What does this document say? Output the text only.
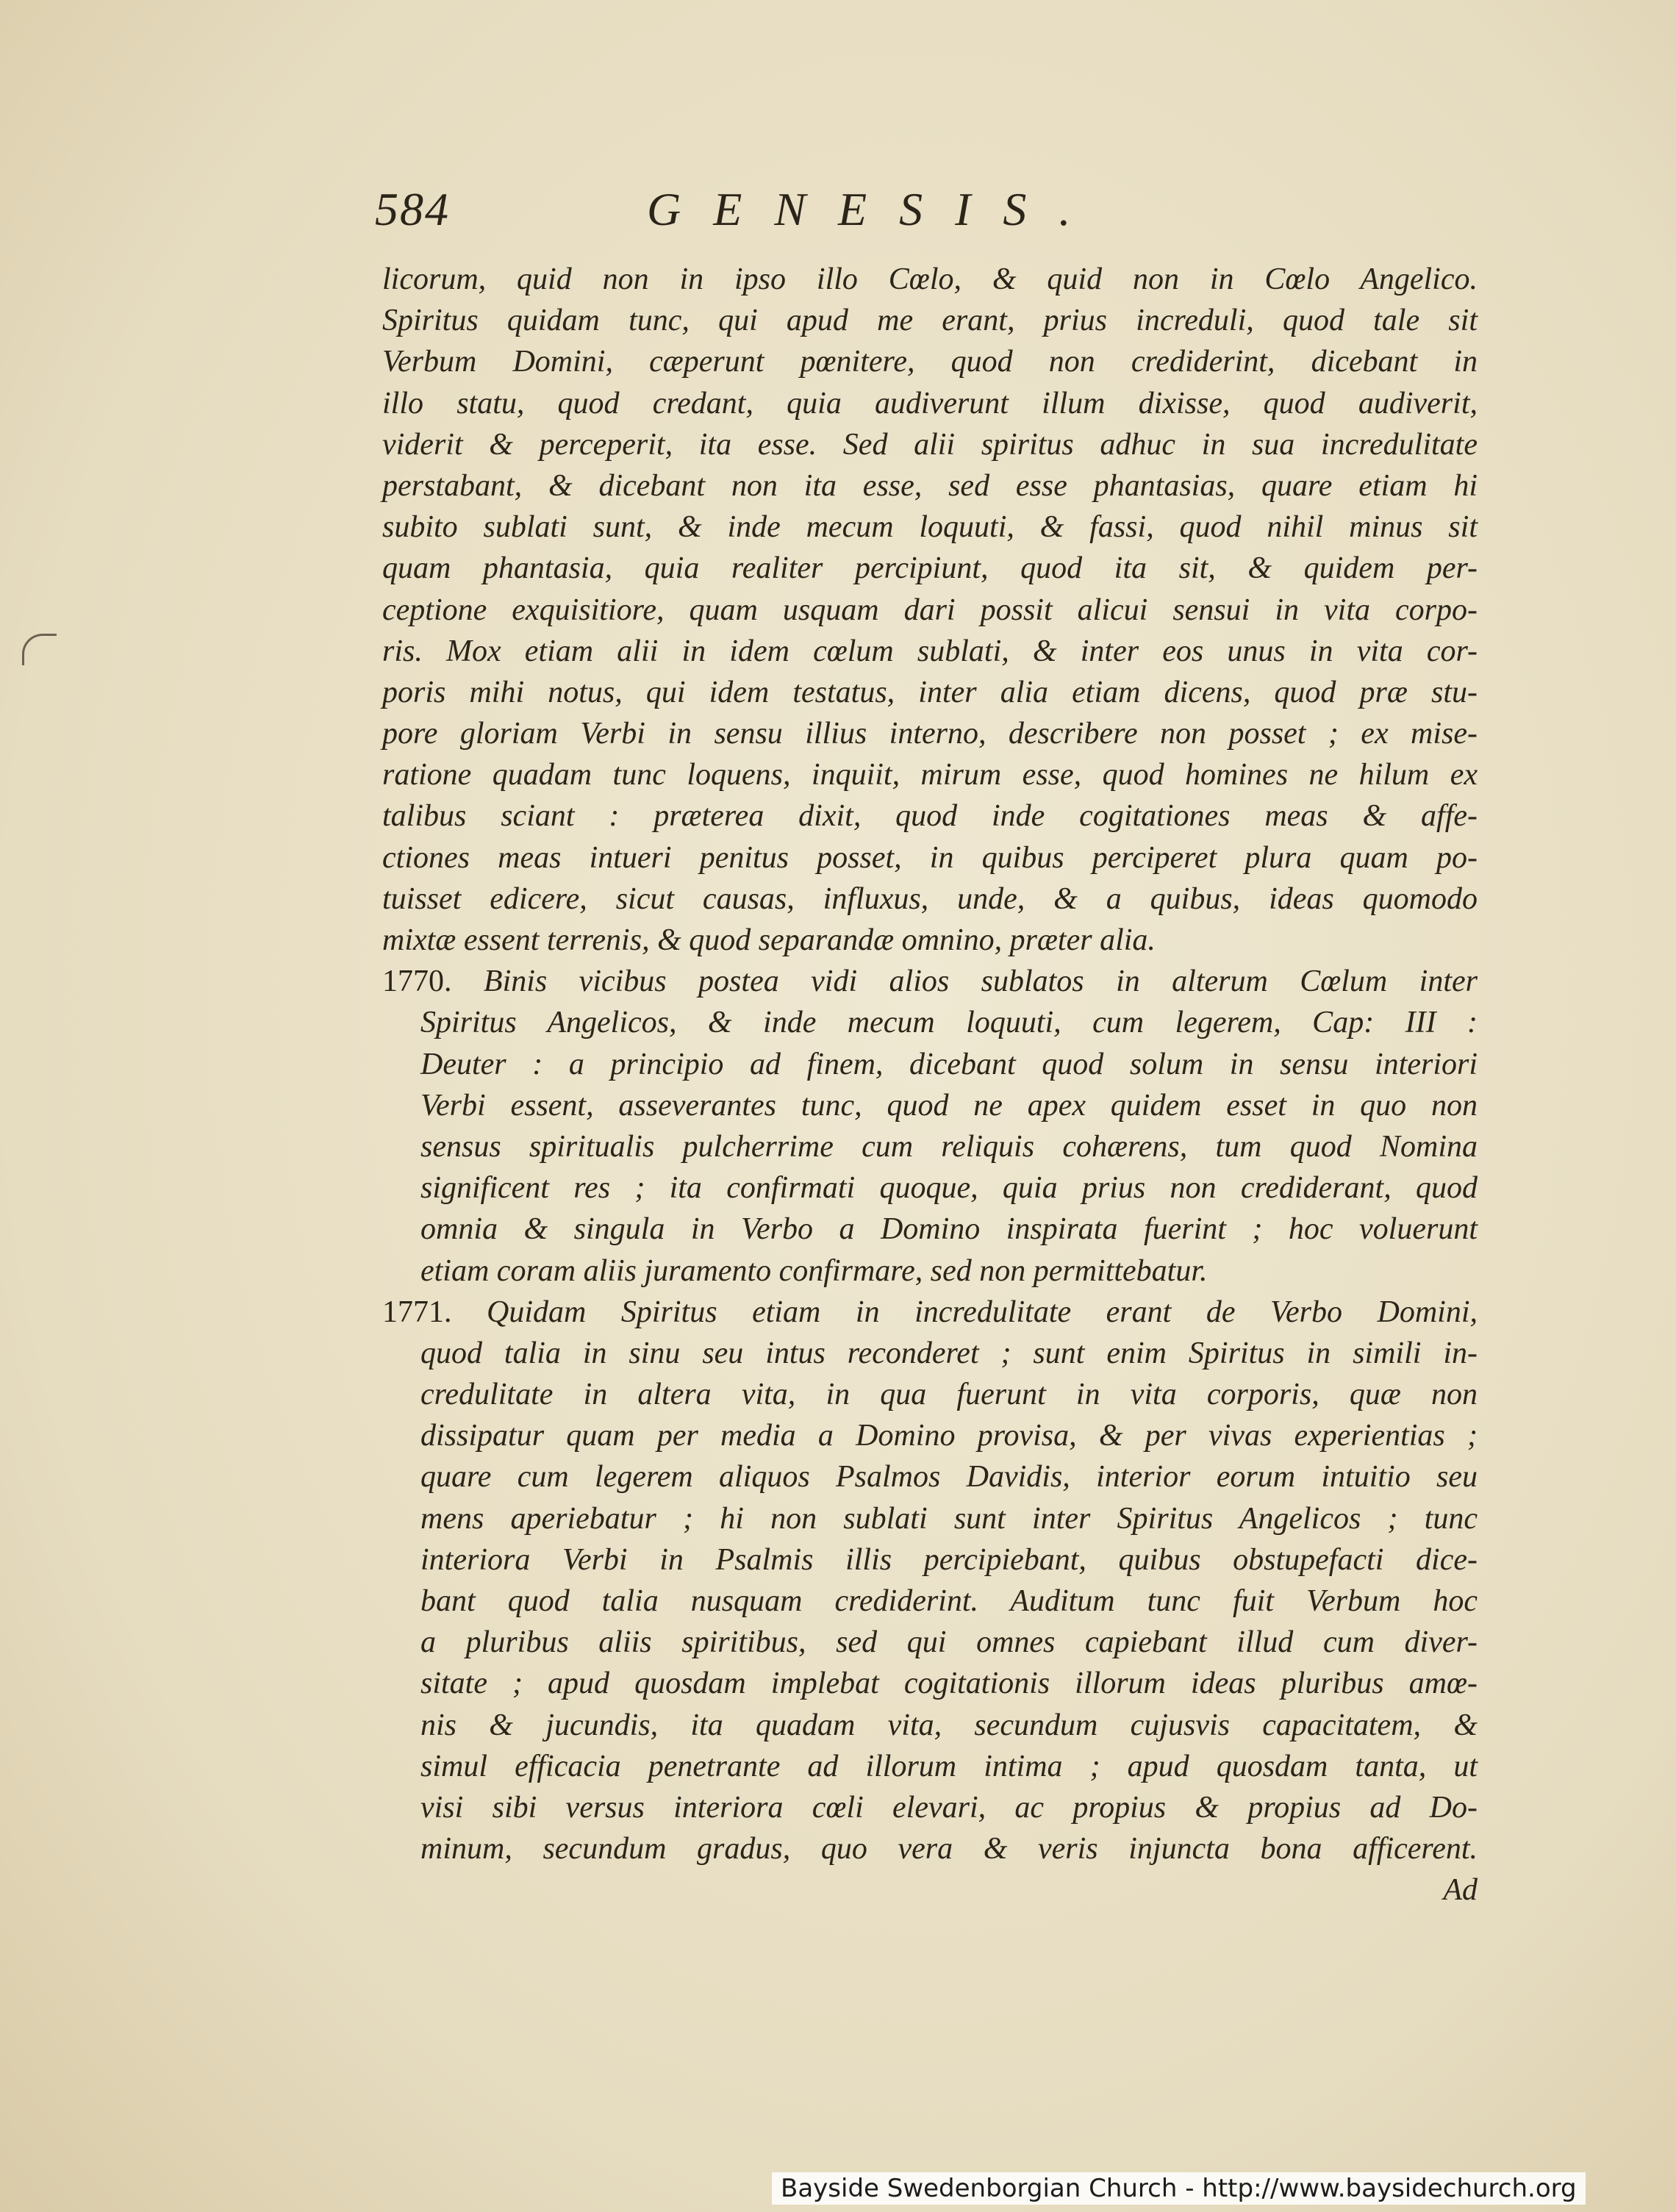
584	GENESIS.
licorum, quid non in ipso illo Cœlo, & quid non in Cœlo Angelico.
Spiritus quidam tunc, qui apud me erant, prius increduli, quod tale sit
Verbum Domini, cæperunt pœnitere, quod non crediderint, dicebant in
illo statu, quod credant, quia audiverunt illum dixisse, quod audiverit,
viderit & perceperit, ita esse. Sed alii spiritus adhuc in sua incredulitate
perstabant, & dicebant non ita esse, sed esse phantasias, quare etiam hi
subito sublati sunt, & inde mecum loquuti, & fassi, quod nihil minus sit
quam phantasia, quia realiter percipiunt, quod ita sit, & quidem per-
ceptione exquisitiore, quam usquam dari possit alicui sensui in vita corpo-
ris. Mox etiam alii in idem cœlum sublati, & inter eos unus in vita cor-
poris mihi notus, qui idem testatus, inter alia etiam dicens, quod præ stu-
pore gloriam Verbi in sensu illius interno, describere non posset ; ex mise-
ratione quadam tunc loquens, inquiit, mirum esse, quod homines ne hilum ex
talibus sciant : præterea dixit, quod inde cogitationes meas & affe-
ctiones meas intueri penitus posset, in quibus perciperet plura quam po-
tuisset edicere, sicut causas, influxus, unde, & a quibus, ideas quomodo
mixtæ essent terrenis, & quod separandæ omnino, præter alia.
1770. Binis vicibus postea vidi alios sublatos in alterum Cœlum inter
Spiritus Angelicos, & inde mecum loquuti, cum legerem, Cap: III :
Deuter : a principio ad finem, dicebant quod solum in sensu interiori
Verbi essent, asseverantes tunc, quod ne apex quidem esset in quo non
sensus spiritualis pulcherrime cum reliquis cohærens, tum quod Nomina
significent res ; ita confirmati quoque, quia prius non crediderant, quod
omnia & singula in Verbo a Domino inspirata fuerint ; hoc voluerunt
etiam coram aliis juramento confirmare, sed non permittebatur.
1771. Quidam Spiritus etiam in incredulitate erant de Verbo Domini,
quod talia in sinu seu intus reconderet ; sunt enim Spiritus in simili in-
credulitate in altera vita, in qua fuerunt in vita corporis, quæ non
dissipatur quam per media a Domino provisa, & per vivas experientias ;
quare cum legerem aliquos Psalmos Davidis, interior eorum intuitio seu
mens aperiebatur ; hi non sublati sunt inter Spiritus Angelicos ; tunc
interiora Verbi in Psalmis illis percipiebant, quibus obstupefacti dice-
bant quod talia nusquam crediderint. Auditum tunc fuit Verbum hoc
a pluribus aliis spiritibus, sed qui omnes capiebant illud cum diver-
sitate ; apud quosdam implebat cogitationis illorum ideas pluribus amœ-
nis & jucundis, ita quadam vita, secundum cujusvis capacitatem, &
simul efficacia penetrante ad illorum intima ; apud quosdam tanta, ut
visi sibi versus interiora cœli elevari, ac propius & propius ad Do-
minum, secundum gradus, quo vera & veris injuncta bona afficerent.
Ad
Bayside Swedenborgian Church - http://www.baysidechurch.org
